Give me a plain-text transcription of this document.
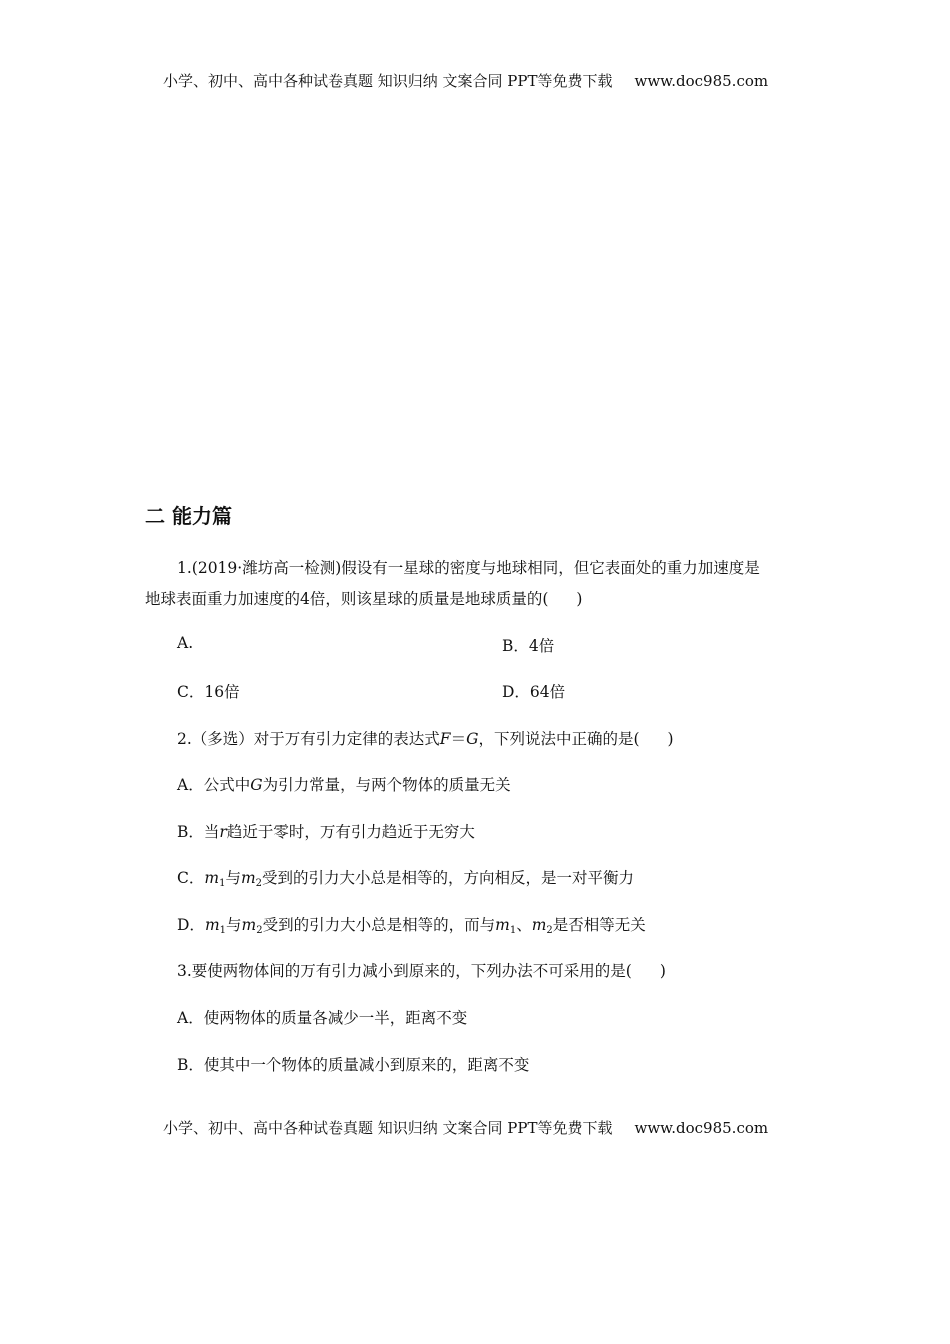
小学、初中、高中各种试卷真题 知识归纳 文案合同 PPT等免费下载 www.doc985.com
二 能力篇
1.(2019·潍坊高一检测)假设有一星球的密度与地球相同，但它表面处的重力加速度是
地球表面重力加速度的4倍，则该星球的质量是地球质量的( )
A.	B．4倍
C．16倍	D．64倍
2.（多选）对于万有引力定律的表达式F＝G，下列说法中正确的是( )
A．公式中G为引力常量，与两个物体的质量无关
B．当r趋近于零时，万有引力趋近于无穷大
C．$m_1$与$m_2$受到的引力大小总是相等的，方向相反，是一对平衡力
D．$m_1$与$m_2$受到的引力大小总是相等的，而与$m_1$、$m_2$是否相等无关
3.要使两物体间的万有引力减小到原来的，下列办法不可采用的是( )
A．使两物体的质量各减少一半，距离不变
B．使其中一个物体的质量减小到原来的，距离不变
小学、初中、高中各种试卷真题 知识归纳 文案合同 PPT等免费下载 www.doc985.com
